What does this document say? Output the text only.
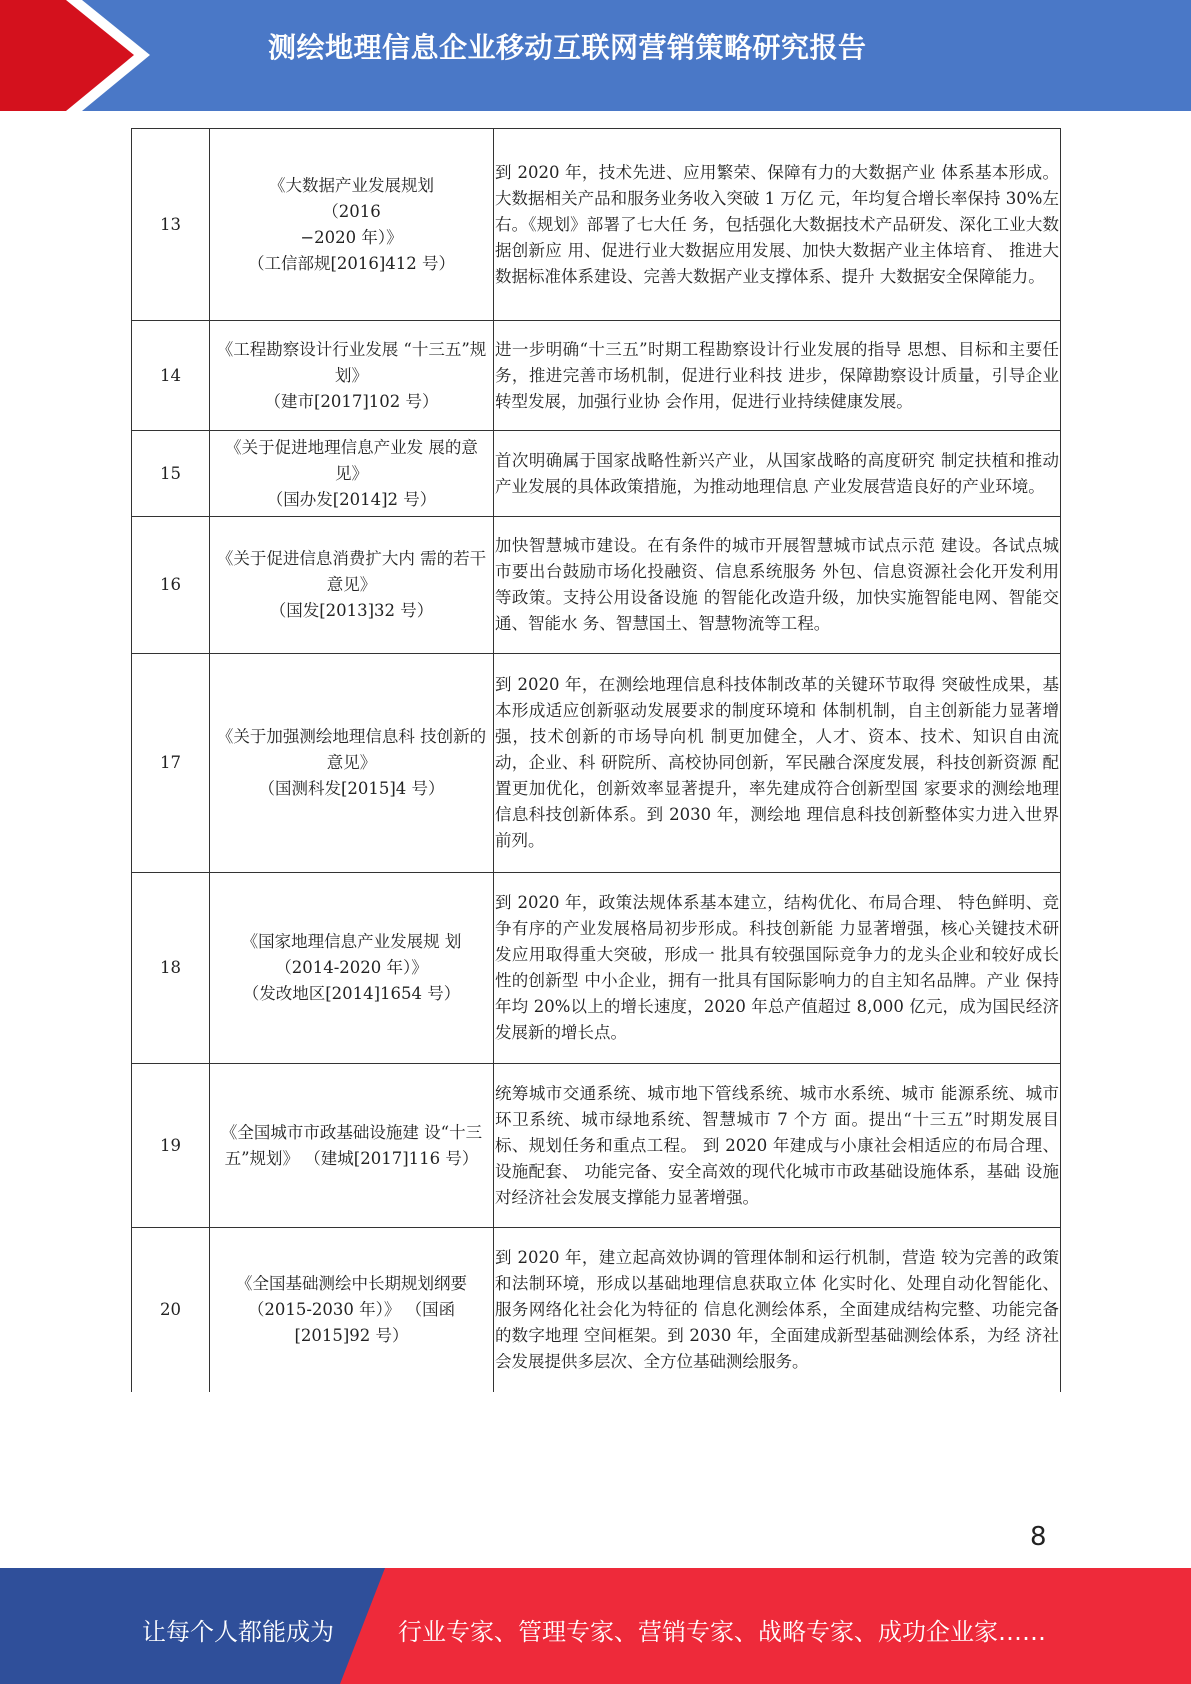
测绘地理信息企业移动互联网营销策略研究报告
13	《大数据产业发展规划
（2016
−2020 年）》
（工信部规[2016]412 号）	到 2020 年，技术先进、应用繁荣、保障有力的大数据产业 体系基本形成。大数据相关产品和服务业务收入突破 1 万亿 元，年均复合增长率保持 30%左右。《规划》部署了七大任 务，包括强化大数据技术产品研发、深化工业大数据创新应 用、促进行业大数据应用发展、加快大数据产业主体培育、 推进大数据标准体系建设、完善大数据产业支撑体系、提升 大数据安全保障能力。
14	《工程勘察设计行业发展 “十三五”规划》
（建市[2017]102 号）	进一步明确“十三五”时期工程勘察设计行业发展的指导 思想、目标和主要任务，推进完善市场机制，促进行业科技 进步，保障勘察设计质量，引导企业转型发展，加强行业协 会作用，促进行业持续健康发展。
15	《关于促进地理信息产业发 展的意见》
（国办发[2014]2 号）	首次明确属于国家战略性新兴产业，从国家战略的高度研究 制定扶植和推动产业发展的具体政策措施，为推动地理信息 产业发展营造良好的产业环境。
16	《关于促进信息消费扩大内 需的若干意见》
（国发[2013]32 号）	加快智慧城市建设。在有条件的城市开展智慧城市试点示范 建设。各试点城市要出台鼓励市场化投融资、信息系统服务 外包、信息资源社会化开发利用等政策。支持公用设备设施 的智能化改造升级，加快实施智能电网、智能交通、智能水 务、智慧国土、智慧物流等工程。
17	《关于加强测绘地理信息科 技创新的意见》
（国测科发[2015]4 号）	到 2020 年，在测绘地理信息科技体制改革的关键环节取得 突破性成果，基本形成适应创新驱动发展要求的制度环境和 体制机制，自主创新能力显著增强，技术创新的市场导向机 制更加健全，人才、资本、技术、知识自由流动，企业、科 研院所、高校协同创新，军民融合深度发展，科技创新资源 配置更加优化，创新效率显著提升，率先建成符合创新型国 家要求的测绘地理信息科技创新体系。到 2030 年，测绘地 理信息科技创新整体实力进入世界前列。
18	《国家地理信息产业发展规 划（2014-2020 年）》
（发改地区[2014]1654 号）	到 2020 年，政策法规体系基本建立，结构优化、布局合理、 特色鲜明、竞争有序的产业发展格局初步形成。科技创新能 力显著增强，核心关键技术研发应用取得重大突破，形成一 批具有较强国际竞争力的龙头企业和较好成长性的创新型 中小企业，拥有一批具有国际影响力的自主知名品牌。产业 保持年均 20%以上的增长速度，2020 年总产值超过 8,000 亿元，成为国民经济发展新的增长点。
19	《全国城市市政基础设施建 设“十三五”规划》 （建城[2017]116 号）	统筹城市交通系统、城市地下管线系统、城市水系统、城市 能源系统、城市环卫系统、城市绿地系统、智慧城市 7 个方 面。提出“十三五”时期发展目标、规划任务和重点工程。 到 2020 年建成与小康社会相适应的布局合理、设施配套、 功能完备、安全高效的现代化城市市政基础设施体系，基础 设施对经济社会发展支撑能力显著增强。
20	《全国基础测绘中长期规划纲要（2015-2030 年）》 （国函[2015]92 号）	到 2020 年，建立起高效协调的管理体制和运行机制，营造 较为完善的政策和法制环境，形成以基础地理信息获取立体 化实时化、处理自动化智能化、服务网络化社会化为特征的 信息化测绘体系，全面建成结构完整、功能完备的数字地理 空间框架。到 2030 年，全面建成新型基础测绘体系，为经 济社会发展提供多层次、全方位基础测绘服务。
8
让每个人都能成为	行业专家、管理专家、营销专家、战略专家、成功企业家……
